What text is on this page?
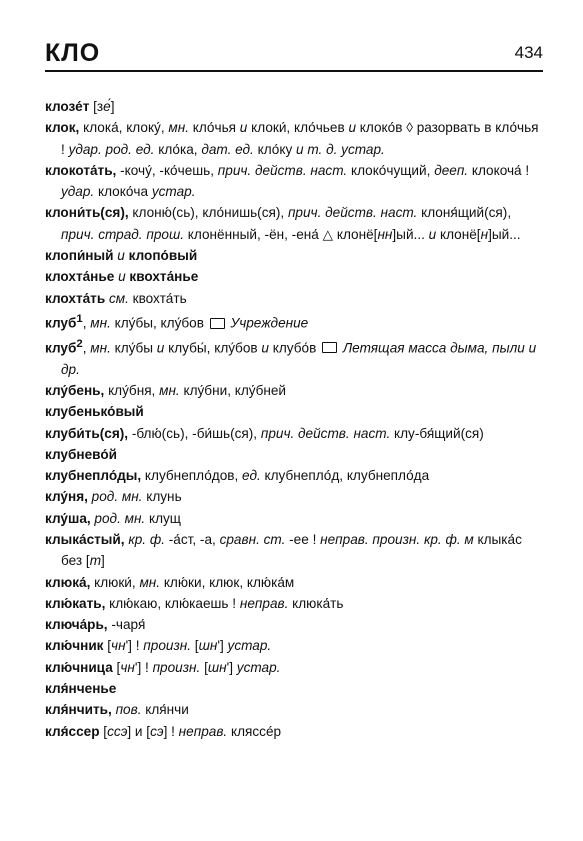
КЛО	434

клозе́т [зе́]

клок, клока́, клоку́, мн. кло́чья и клоки́, кло́чьев и клоко́в ◊ разорвать в кло́чья ! удар. род. ед. кло́ка, дат. ед. кло́ку и т. д. устар.

клокота́ть, -кочу́, -ко́чешь, прич. действ. наст. клоко́чущий, дееп. клокоча́ ! удар. клоко́ча устар.

клони́ть(ся), клоню́(сь), кло́нишь(ся), прич. действ. наст. клоня́щий(ся), прич. страд. прош. клонённый, -ён, -ена́ △ клонё[нн]ый... и клонё[н]ый...

клопи́ный и клопо́вый

клохта́нье и квохта́нье

клохта́ть см. квохта́ть

клуб$^1$, мн. клу́бы, клу́бов  Учреждение

клуб$^2$, мн. клу́бы и клубы́, клу́бов и клубо́в  Летящая масса дыма, пыли и др.

клу́бень, клу́бня, мн. клу́бни, клу́бней

клубенько́вый

клуби́ть(ся), -блю́(сь), -би́шь(ся), прич. действ. наст. клу-бя́щий(ся)

клубнево́й

клубнепло́ды, клубнепло́дов, ед. клубнепло́д, клубнепло́да

клу́ня, род. мн. клунь

клу́ша, род. мн. клущ

клыка́стый, кр. ф. -а́ст, -а, сравн. ст. -ее ! неправ. произн. кр. ф. м клыка́с без [т]

клюка́, клюки́, мн. клю́ки, клюк, клю́ка́м

клю́кать, клю́каю, клю́каешь ! неправ. клюка́ть

ключа́рь, -чаря́

клю́чник [чн'] ! произн. [шн'] устар.

клю́чница [чн'] ! произн. [шн'] устар.

кля́нченье

кля́нчить, пов. кля́нчи

кля́ссер [ссэ] и [сэ] ! неправ. кляссе́р
